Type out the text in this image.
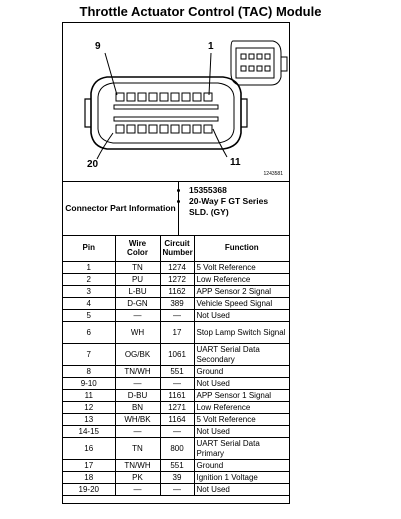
Throttle Actuator Control (TAC) Module
9	1
20	11
1243581
Connector Part Information
• 15355368
• 20-Way F GT Series SLD. (GY)
Pin	Wire Color	Circuit Number	Function
1	TN	1274	5 Volt Reference
2	PU	1272	Low Reference
3	L-BU	1162	APP Sensor 2 Signal
4	D-GN	389	Vehicle Speed Signal
5	—	—	Not Used
6	WH	17	Stop Lamp Switch Signal
7	OG/BK	1061	UART Serial Data Secondary
8	TN/WH	551	Ground
9-10	—	—	Not Used
11	D-BU	1161	APP Sensor 1 Signal
12	BN	1271	Low Reference
13	WH/BK	1164	5 Volt Reference
14-15	—	—	Not Used
16	TN	800	UART Serial Data Primary
17	TN/WH	551	Ground
18	PK	39	Ignition 1 Voltage
19-20	—	—	Not Used
